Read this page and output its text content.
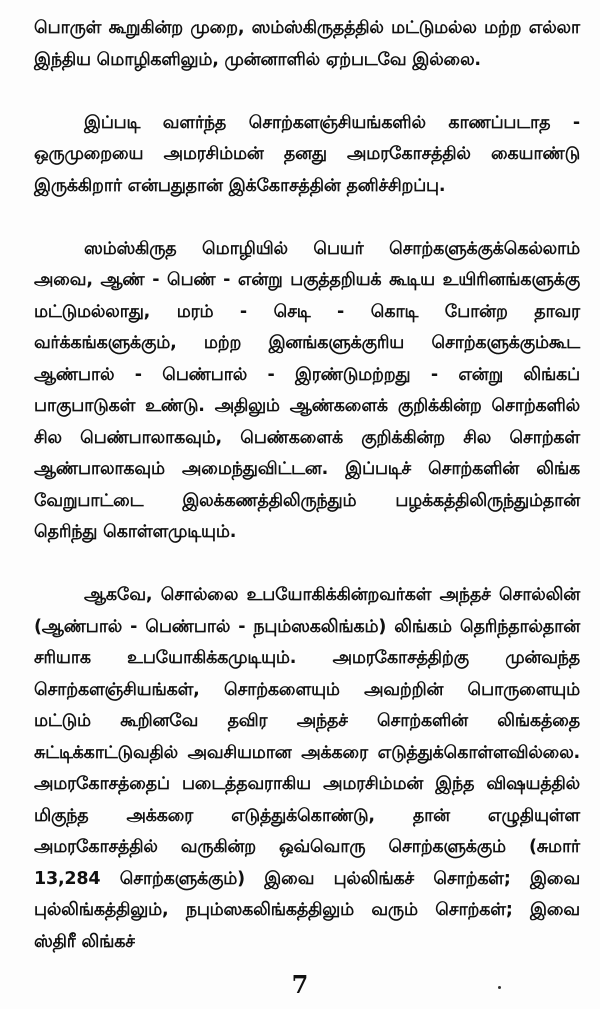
பொருள் கூறுகின்ற முறை, ஸம்ஸ்கிருதத்தில் மட்டுமல்ல மற்ற எல்லா இந்திய மொழிகளிலும், முன்னாளில் ஏற்படவே இல்லை.

இப்படி வளர்ந்த சொற்களஞ்சியங்களில் காணப்படாத - ஒருமுறையை அமரசிம்மன் தனது அமரகோசத்தில் கையாண்டு இருக்கிறார் என்பதுதான் இக்கோசத்தின் தனிச்சிறப்பு.

ஸம்ஸ்கிருத மொழியில் பெயர் சொற்களுக்குக்கெல்லாம் அவை, ஆண் - பெண் - என்று பகுத்தறியக் கூடிய உயிரினங்களுக்கு மட்டுமல்லாது, மரம் - செடி - கொடி போன்ற தாவர வர்க்கங்களுக்கும், மற்ற இனங்களுக்குரிய சொற்களுக்கும்கூட ஆண்பால் - பெண்பால் - இரண்டுமற்றது - என்று லிங்கப் பாகுபாடுகள் உண்டு. அதிலும் ஆண்களைக் குறிக்கின்ற சொற்களில் சில பெண்பாலாகவும், பெண்களைக் குறிக்கின்ற சில சொற்கள் ஆண்பாலாகவும் அமைந்துவிட்டன. இப்படிச் சொற்களின் லிங்க வேறுபாட்டை இலக்கணத்திலிருந்தும் பழக்கத்திலிருந்தும்தான் தெரிந்து கொள்ளமுடியும்.

ஆகவே, சொல்லை உபயோகிக்கின்றவர்கள் அந்தச் சொல்லின் (ஆண்பால் - பெண்பால் - நபும்ஸகலிங்கம்) லிங்கம் தெரிந்தால்தான் சரியாக உபயோகிக்கமுடியும். அமரகோசத்திற்கு முன்வந்த சொற்களஞ்சியங்கள், சொற்களையும் அவற்றின் பொருளையும் மட்டும் கூறினவே தவிர அந்தச் சொற்களின் லிங்கத்தை சுட்டிக்காட்டுவதில் அவசியமான அக்கரை எடுத்துக்கொள்ளவில்லை. அமரகோசத்தைப் படைத்தவராகிய அமரசிம்மன் இந்த விஷயத்தில் மிகுந்த அக்கரை எடுத்துக்கொண்டு, தான் எழுதியுள்ள அமரகோசத்தில் வருகின்ற ஒவ்வொரு சொற்களுக்கும் (சுமார் 13,284 சொற்களுக்கும்) இவை புல்லிங்கச் சொற்கள்; இவை புல்லிங்கத்திலும், நபும்ஸகலிங்கத்திலும் வரும் சொற்கள்; இவை ஸ்திரீ லிங்கச்

7
